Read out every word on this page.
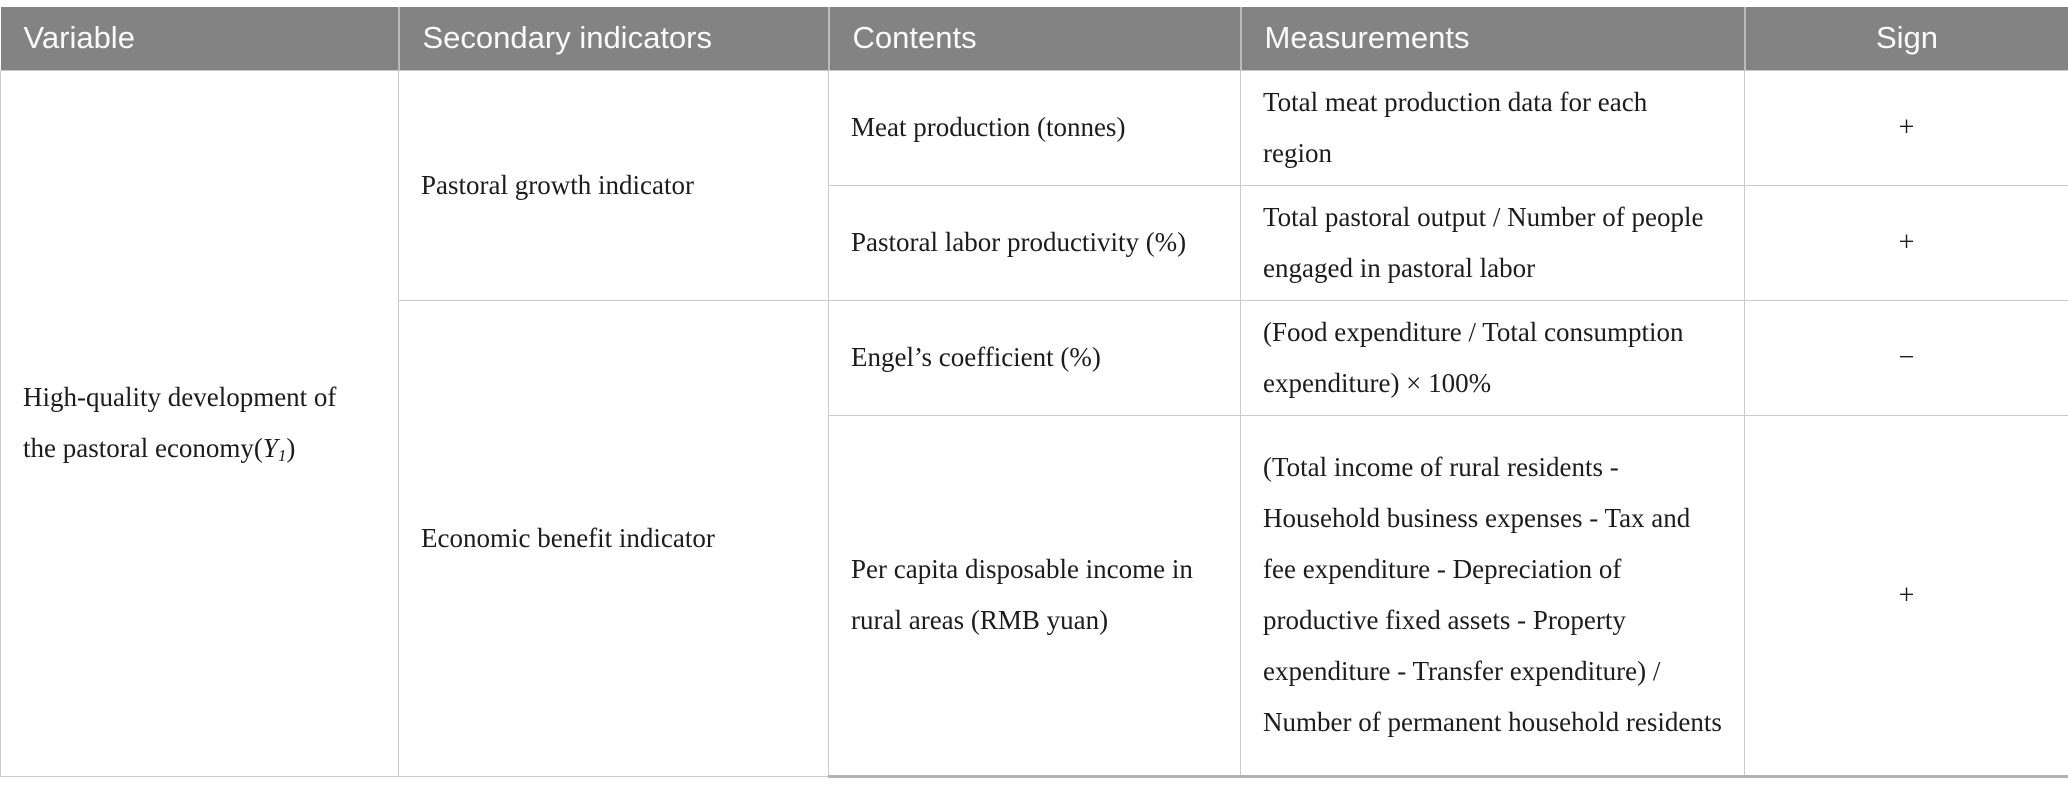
Variable	Secondary indicators	Contents	Measurements	Sign
High-quality development of the pastoral $economy(Y_1)$	Pastoral growth indicator	Meat production (tonnes)	Total meat production data for each region	+
		Pastoral labor productivity (%)	Total pastoral output / Number of people engaged in pastoral labor	+
	Economic benefit indicator	Engel’s coefficient (%)	(Food expenditure / Total consumption expenditure) × 100%	−
		Per capita disposable income in rural areas (RMB yuan)	(Total income of rural residents - Household business expenses - Tax and fee expenditure - Depreciation of productive fixed assets - Property expenditure - Transfer expenditure) / Number of permanent household residents	+
